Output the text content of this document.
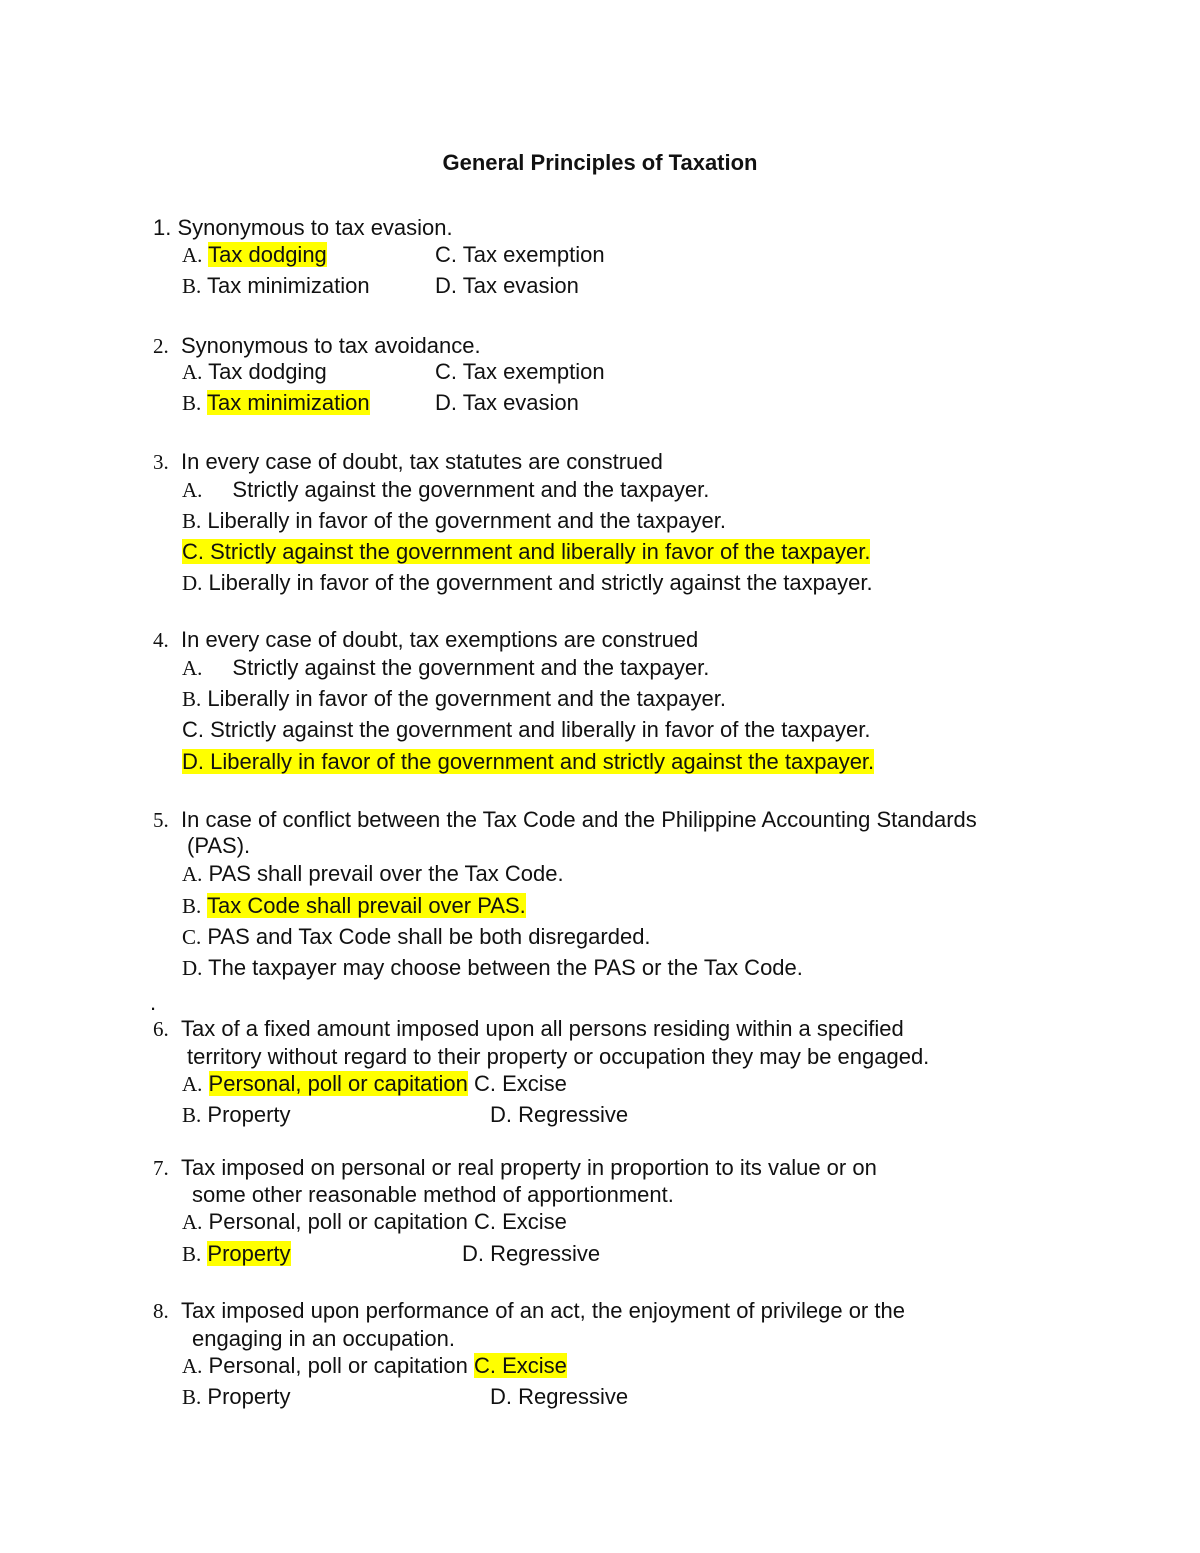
General Principles of Taxation
1. Synonymous to tax evasion.
A. Tax dodging	C. Tax exemption
B. Tax minimization	D. Tax evasion
2. Synonymous to tax avoidance.
A. Tax dodging	C. Tax exemption
B. Tax minimization	D. Tax evasion
3. In every case of doubt, tax statutes are construed
A. Strictly against the government and the taxpayer.
B. Liberally in favor of the government and the taxpayer.
C. Strictly against the government and liberally in favor of the taxpayer.
D. Liberally in favor of the government and strictly against the taxpayer.
4. In every case of doubt, tax exemptions are construed
A. Strictly against the government and the taxpayer.
B. Liberally in favor of the government and the taxpayer.
C. Strictly against the government and liberally in favor of the taxpayer.
D. Liberally in favor of the government and strictly against the taxpayer.
5. In case of conflict between the Tax Code and the Philippine Accounting Standards
(PAS).
A. PAS shall prevail over the Tax Code.
B. Tax Code shall prevail over PAS.
C. PAS and Tax Code shall be both disregarded.
D. The taxpayer may choose between the PAS or the Tax Code.
.
6. Tax of a fixed amount imposed upon all persons residing within a specified
territory without regard to their property or occupation they may be engaged.
A. Personal, poll or capitation C. Excise
B. Property	D. Regressive
7. Tax imposed on personal or real property in proportion to its value or on
some other reasonable method of apportionment.
A. Personal, poll or capitation C. Excise
B. Property	D. Regressive
8. Tax imposed upon performance of an act, the enjoyment of privilege or the
engaging in an occupation.
A. Personal, poll or capitation C. Excise
B. Property	D. Regressive
